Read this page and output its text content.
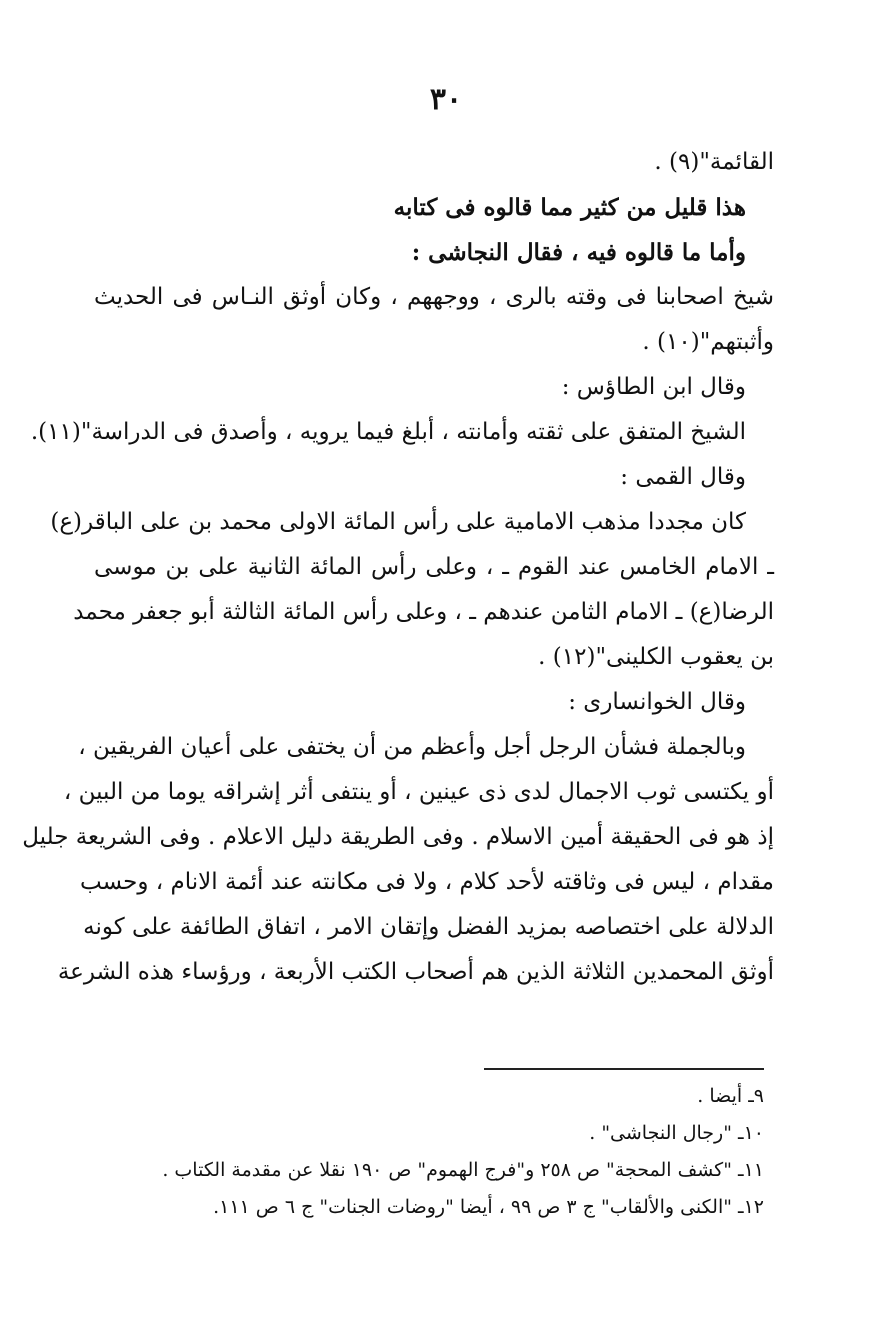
٣٠
القائمة"(٩) .
هذا قليل من كثير مما قالوه فى كتابه
وأما ما قالوه فيه ، فقال النجاشى :
شيخ اصحابنا فى وقته بالرى ، ووجههم ، وكان أوثق النـاس فى الحديث
وأثبتهم"(١٠) .
وقال ابن الطاؤس :
الشيخ المتفق على ثقته وأمانته ، أبلغ فيما يرويه ، وأصدق فى الدراسة"(١١).
وقال القمى :
كان مجددا مذهب الامامية على رأس المائة الاولى محمد بن على الباقر(ع)
ـ الامام الخامس عند القوم ـ ، وعلى رأس المائة الثانية على بن موسى
الرضا(ع) ـ الامام الثامن عندهم ـ ، وعلى رأس المائة الثالثة أبو جعفر محمد
بن يعقوب الكلينى"(١٢) .
وقال الخوانسارى :
وبالجملة فشأن الرجل أجل وأعظم من أن يختفى على أعيان الفريقين ،
أو يكتسى ثوب الاجمال لدى ذى عينين ، أو ينتفى أثر إشراقه يوما من البين ،
إذ هو فى الحقيقة أمين الاسلام . وفى الطريقة دليل الاعلام . وفى الشريعة جليل
مقدام ، ليس فى وثاقته لأحد كلام ، ولا فى مكانته عند أئمة الانام ، وحسب
الدلالة على اختصاصه بمزيد الفضل وإتقان الامر ، اتفاق الطائفة على كونه
أوثق المحمدين الثلاثة الذين هم أصحاب الكتب الأربعة ، ورؤساء هذه الشرعة
٩ـ أيضا .
١٠ـ "رجال النجاشى" .
١١ـ "كشف المحجة" ص ٢٥٨ و"فرج الهموم" ص ١٩٠ نقلا عن مقدمة الكتاب .
١٢ـ "الكنى والألقاب" ج ٣ ص ٩٩ ، أيضا "روضات الجنات" ج ٦ ص ١١١.
